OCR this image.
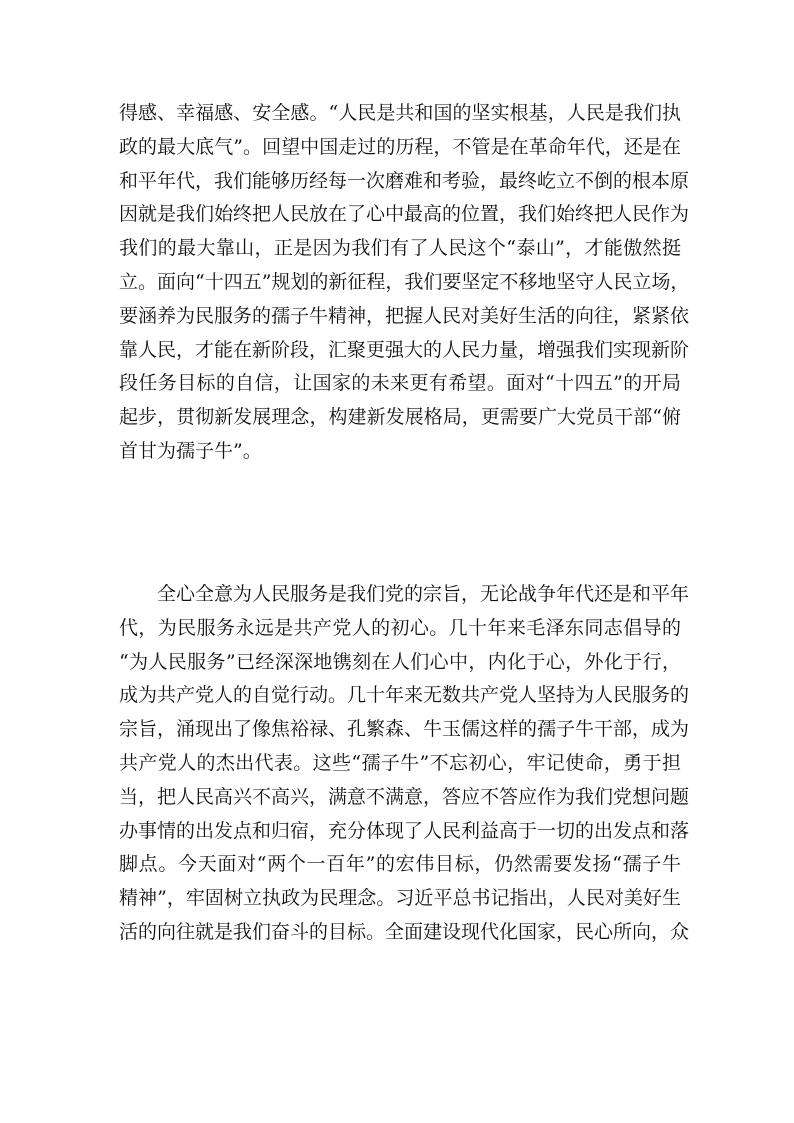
得感、幸福感、安全感。“人民是共和国的坚实根基，人民是我们执
政的最大底气”。回望中国走过的历程，不管是在革命年代，还是在
和平年代，我们能够历经每一次磨难和考验，最终屹立不倒的根本原
因就是我们始终把人民放在了心中最高的位置，我们始终把人民作为
我们的最大靠山，正是因为我们有了人民这个“泰山”，才能傲然挺
立。面向“十四五”规划的新征程，我们要坚定不移地坚守人民立场，
要涵养为民服务的孺子牛精神，把握人民对美好生活的向往，紧紧依
靠人民，才能在新阶段，汇聚更强大的人民力量，增强我们实现新阶
段任务目标的自信，让国家的未来更有希望。面对“十四五”的开局
起步，贯彻新发展理念，构建新发展格局，更需要广大党员干部“俯
首甘为孺子牛”。
全心全意为人民服务是我们党的宗旨，无论战争年代还是和平年
代，为民服务永远是共产党人的初心。几十年来毛泽东同志倡导的
“为人民服务”已经深深地镌刻在人们心中，内化于心，外化于行，
成为共产党人的自觉行动。几十年来无数共产党人坚持为人民服务的
宗旨，涌现出了像焦裕禄、孔繁森、牛玉儒这样的孺子牛干部，成为
共产党人的杰出代表。这些“孺子牛”不忘初心，牢记使命，勇于担
当，把人民高兴不高兴，满意不满意，答应不答应作为我们党想问题
办事情的出发点和归宿，充分体现了人民利益高于一切的出发点和落
脚点。今天面对“两个一百年”的宏伟目标，仍然需要发扬“孺子牛
精神”，牢固树立执政为民理念。习近平总书记指出，人民对美好生
活的向往就是我们奋斗的目标。全面建设现代化国家，民心所向，众
